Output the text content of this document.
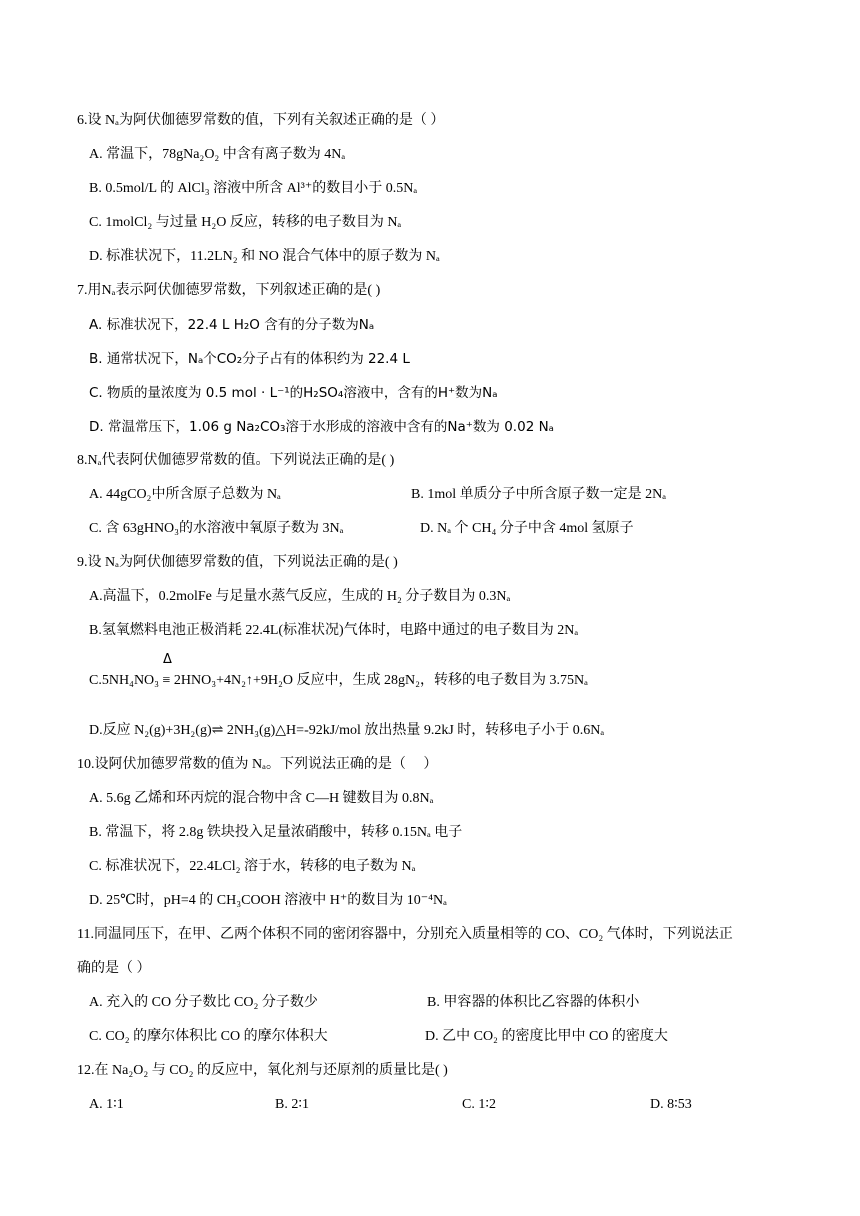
6.设 Nₐ为阿伏伽德罗常数的值，下列有关叙述正确的是（ ）
A. 常温下，78gNa₂O₂ 中含有离子数为 4Nₐ
B. 0.5mol/L 的 AlCl₃ 溶液中所含 Al³⁺的数目小于 0.5Nₐ
C. 1molCl₂ 与过量 H₂O 反应，转移的电子数目为 Nₐ
D. 标准状况下，11.2LN₂ 和 NO 混合气体中的原子数为 Nₐ
7.用Nₐ表示阿伏伽德罗常数，下列叙述正确的是( )
A. 标准状况下，22.4 L H₂O 含有的分子数为Nₐ
B. 通常状况下，Nₐ个CO₂分子占有的体积约为 22.4 L
C. 物质的量浓度为 0.5 mol · L⁻¹的H₂SO₄溶液中，含有的H⁺数为Nₐ
D. 常温常压下，1.06 g Na₂CO₃溶于水形成的溶液中含有的Na⁺数为 0.02 Nₐ
8.Nₐ代表阿伏伽德罗常数的值。下列说法正确的是( )
A. 44gCO₂中所含原子总数为 Nₐ	B. 1mol 单质分子中所含原子数一定是 2Nₐ
C. 含 63gHNO₃的水溶液中氧原子数为 3Nₐ	D. Nₐ 个 CH₄ 分子中含 4mol 氢原子
9.设 Nₐ为阿伏伽德罗常数的值，下列说法正确的是( )
A.高温下，0.2molFe 与足量水蒸气反应，生成的 H₂ 分子数目为 0.3Nₐ
B.氢氧燃料电池正极消耗 22.4L(标准状况)气体时，电路中通过的电子数目为 2Nₐ
Δ
C.5NH₄NO₃ ≡ 2HNO₃+4N₂↑+9H₂O 反应中，生成 28gN₂，转移的电子数目为 3.75Nₐ
D.反应 N₂(g)+3H₂(g)⇌ 2NH₃(g)△H=-92kJ/mol 放出热量 9.2kJ 时，转移电子小于 0.6Nₐ
10.设阿伏加德罗常数的值为 Nₐ。下列说法正确的是（　 ）
A. 5.6g 乙烯和环丙烷的混合物中含 C—H 键数目为 0.8Nₐ
B. 常温下，将 2.8g 铁块投入足量浓硝酸中，转移 0.15Nₐ 电子
C. 标准状况下，22.4LCl₂ 溶于水，转移的电子数为 Nₐ
D. 25℃时，pH=4 的 CH₃COOH 溶液中 H⁺的数目为 10⁻⁴Nₐ
11.同温同压下，在甲、乙两个体积不同的密闭容器中，分别充入质量相等的 CO、CO₂ 气体时，下列说法正
确的是（ ）
A. 充入的 CO 分子数比 CO₂ 分子数少	B. 甲容器的体积比乙容器的体积小
C. CO₂ 的摩尔体积比 CO 的摩尔体积大	D. 乙中 CO₂ 的密度比甲中 CO 的密度大
12.在 Na₂O₂ 与 CO₂ 的反应中，氧化剂与还原剂的质量比是( )
A. 1∶1	B. 2∶1	C. 1∶2	D. 8∶53
